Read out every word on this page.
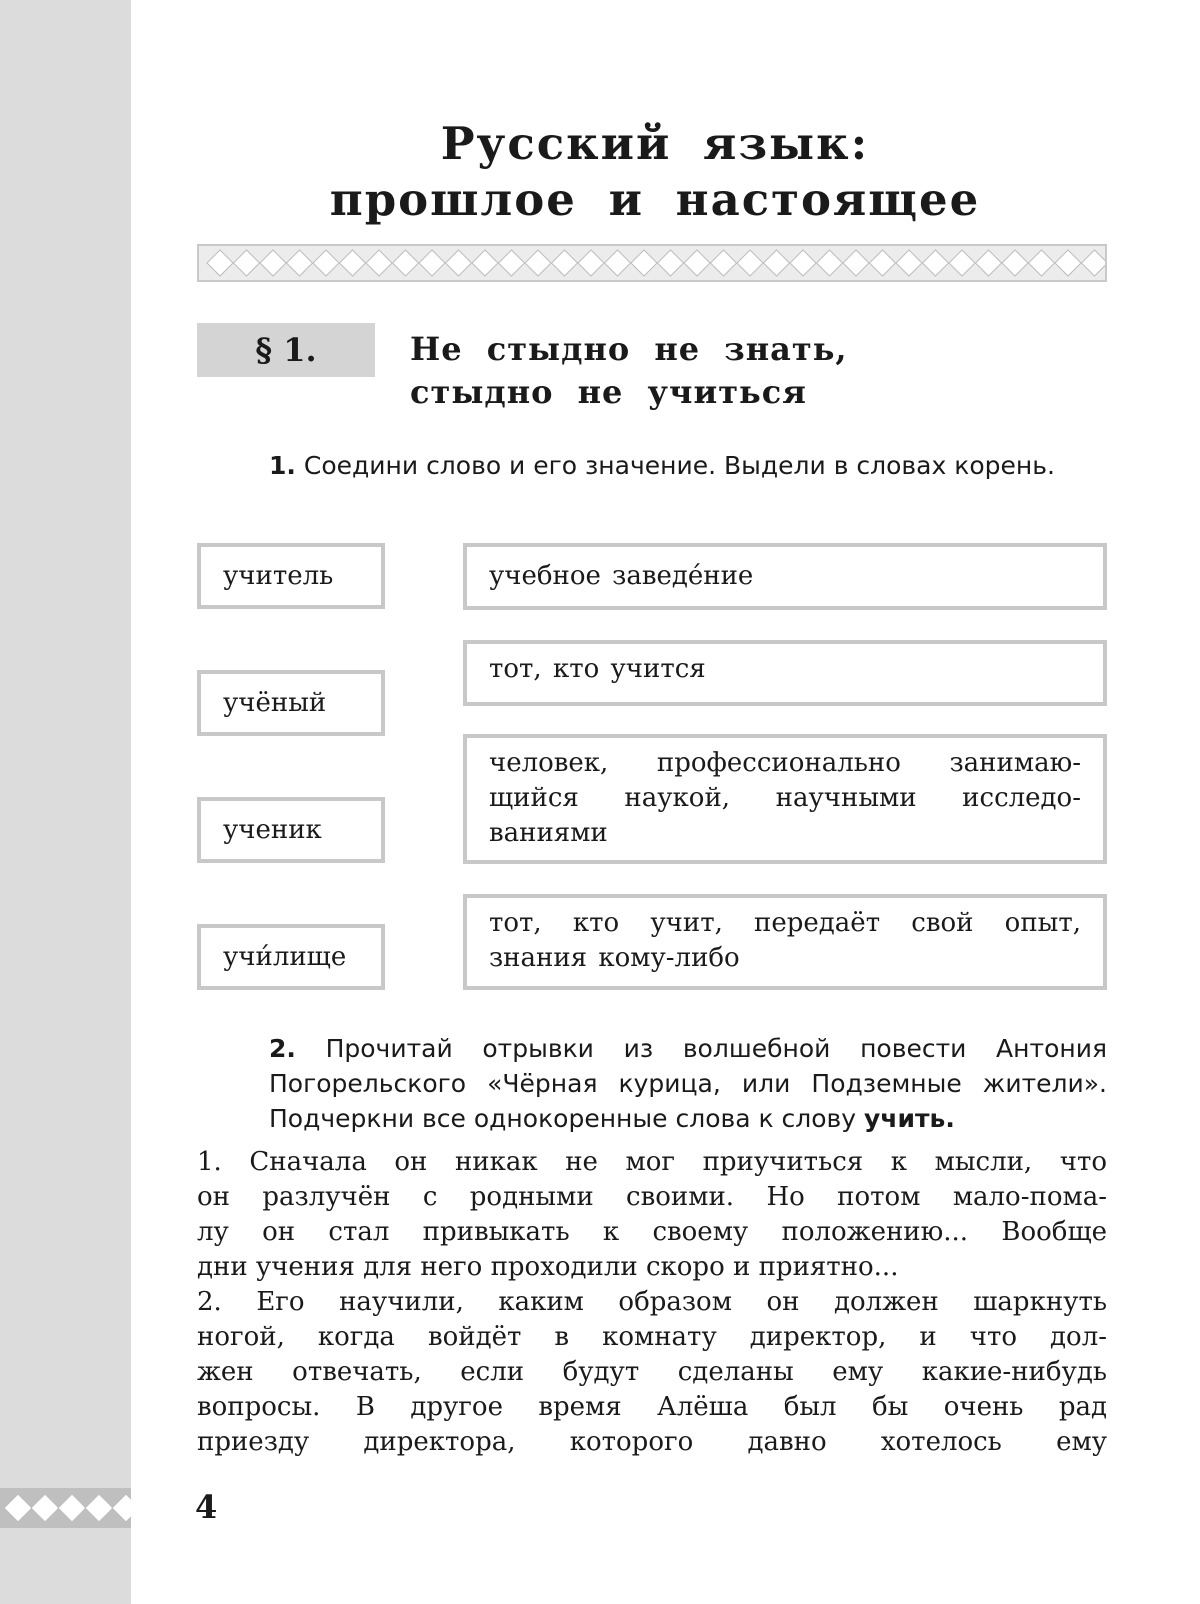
Русский язык:
прошлое и настоящее
§ 1.	Не стыдно не знать,
стыдно не учиться
1. Соедини слово и его значение. Выдели в словах корень.
учитель
учёный
ученик
учи́лище
учебное заведе́ние
тот, кто учится
человек, профессионально занимаю-щийся наукой, научными исследо-ваниями
тот, кто учит, передаёт свой опыт, знания кому-либо
2. Прочитай отрывки из волшебной повести Антония Погорельского «Чёрная курица, или Подземные жители». Подчеркни все однокоренные слова к слову учить.

1. Сначала он никак не мог приучиться к мысли, что

он разлучён с родными своими. Но потом мало-пома-

лу он стал привыкать к своему положению... Вообще

дни учения для него проходили скоро и приятно...

2. Его научили, каким образом он должен шаркнуть

ногой, когда войдёт в комнату директор, и что дол-

жен отвечать, если будут сделаны ему какие-нибудь

вопросы. В другое время Алёша был бы очень рад

приезду директора, которого давно хотелось ему

4
